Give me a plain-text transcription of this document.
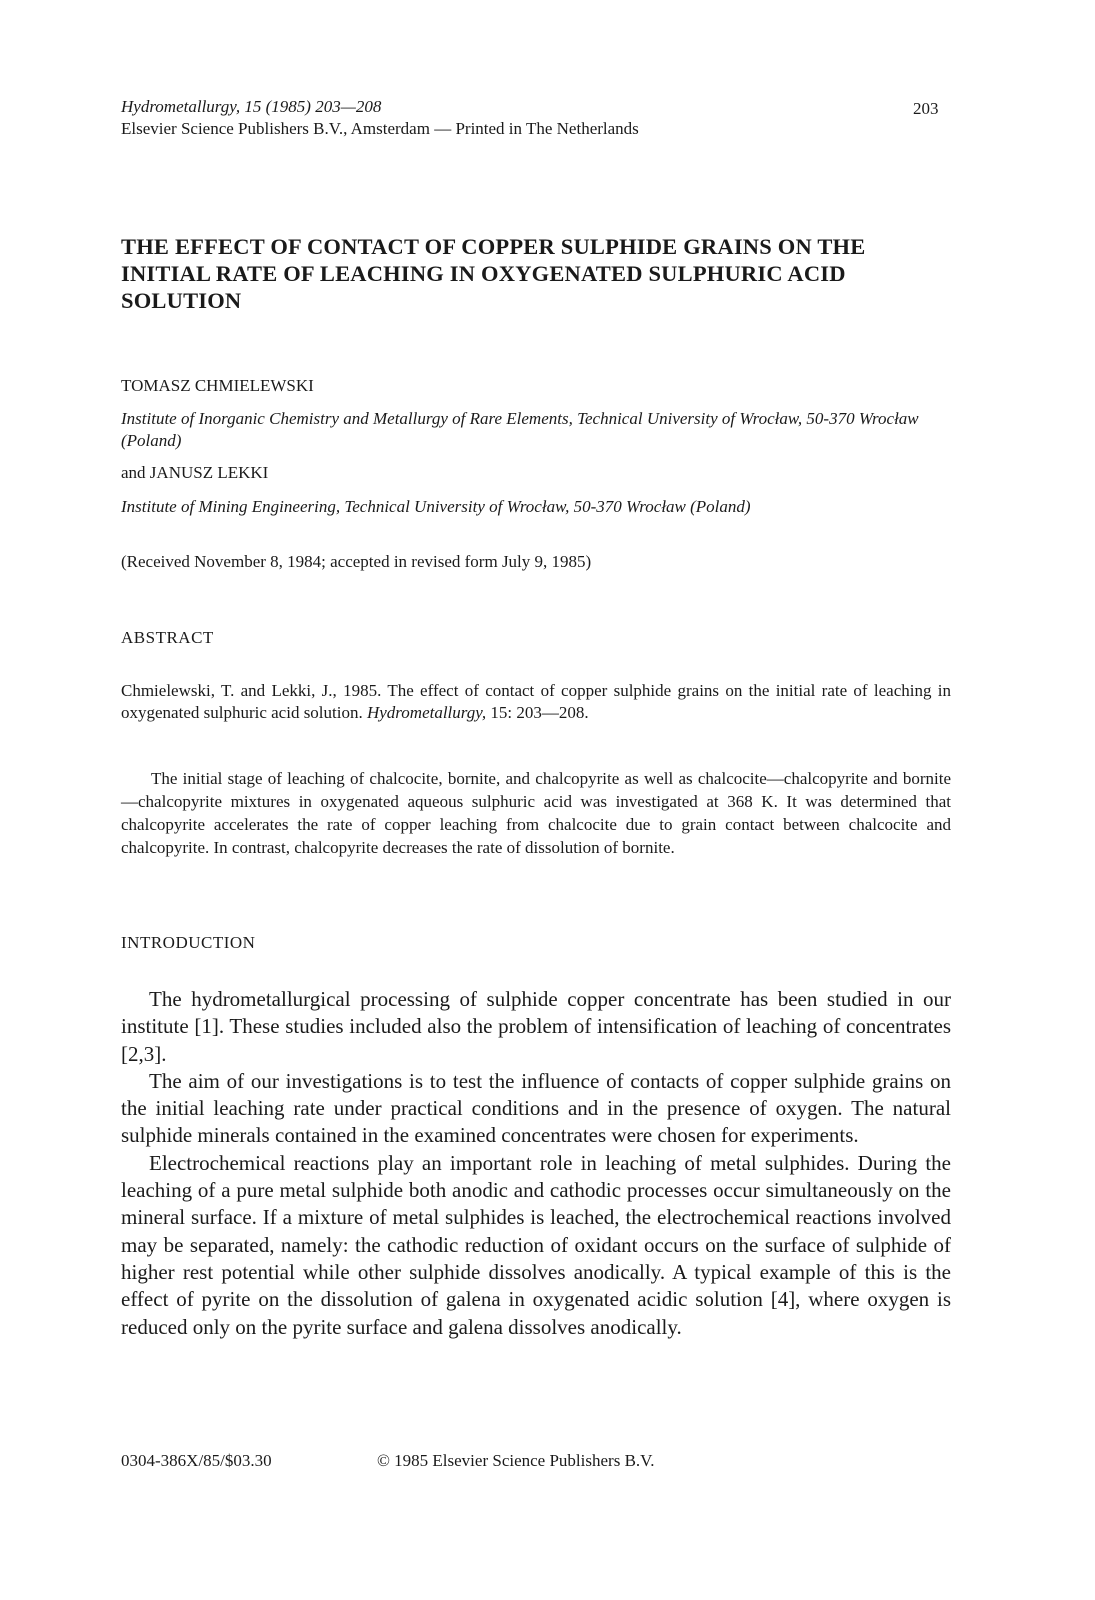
Hydrometallurgy, 15 (1985) 203—208
Elsevier Science Publishers B.V., Amsterdam — Printed in The Netherlands
203
THE EFFECT OF CONTACT OF COPPER SULPHIDE GRAINS ON THE INITIAL RATE OF LEACHING IN OXYGENATED SULPHURIC ACID SOLUTION
TOMASZ CHMIELEWSKI
Institute of Inorganic Chemistry and Metallurgy of Rare Elements, Technical University of Wrocław, 50-370 Wrocław (Poland)
and JANUSZ LEKKI
Institute of Mining Engineering, Technical University of Wrocław, 50-370 Wrocław (Poland)
(Received November 8, 1984; accepted in revised form July 9, 1985)
ABSTRACT
Chmielewski, T. and Lekki, J., 1985. The effect of contact of copper sulphide grains on the initial rate of leaching in oxygenated sulphuric acid solution. Hydrometallurgy, 15: 203—208.
The initial stage of leaching of chalcocite, bornite, and chalcopyrite as well as chalcocite—chalcopyrite and bornite—chalcopyrite mixtures in oxygenated aqueous sulphuric acid was investigated at 368 K. It was determined that chalcopyrite accelerates the rate of copper leaching from chalcocite due to grain contact between chalcocite and chalcopyrite. In contrast, chalcopyrite decreases the rate of dissolution of bornite.
INTRODUCTION

The hydrometallurgical processing of sulphide copper concentrate has been studied in our institute [1]. These studies included also the problem of intensification of leaching of concentrates [2,3].

The aim of our investigations is to test the influence of contacts of copper sulphide grains on the initial leaching rate under practical conditions and in the presence of oxygen. The natural sulphide minerals contained in the examined concentrates were chosen for experiments.

Electrochemical reactions play an important role in leaching of metal sulphides. During the leaching of a pure metal sulphide both anodic and cathodic processes occur simultaneously on the mineral surface. If a mixture of metal sulphides is leached, the electrochemical reactions involved may be separated, namely: the cathodic reduction of oxidant occurs on the surface of sulphide of higher rest potential while other sulphide dissolves anodically. A typical example of this is the effect of pyrite on the dissolution of galena in oxygenated acidic solution [4], where oxygen is reduced only on the pyrite surface and galena dissolves anodically.

0304-386X/85/$03.30	© 1985 Elsevier Science Publishers B.V.
